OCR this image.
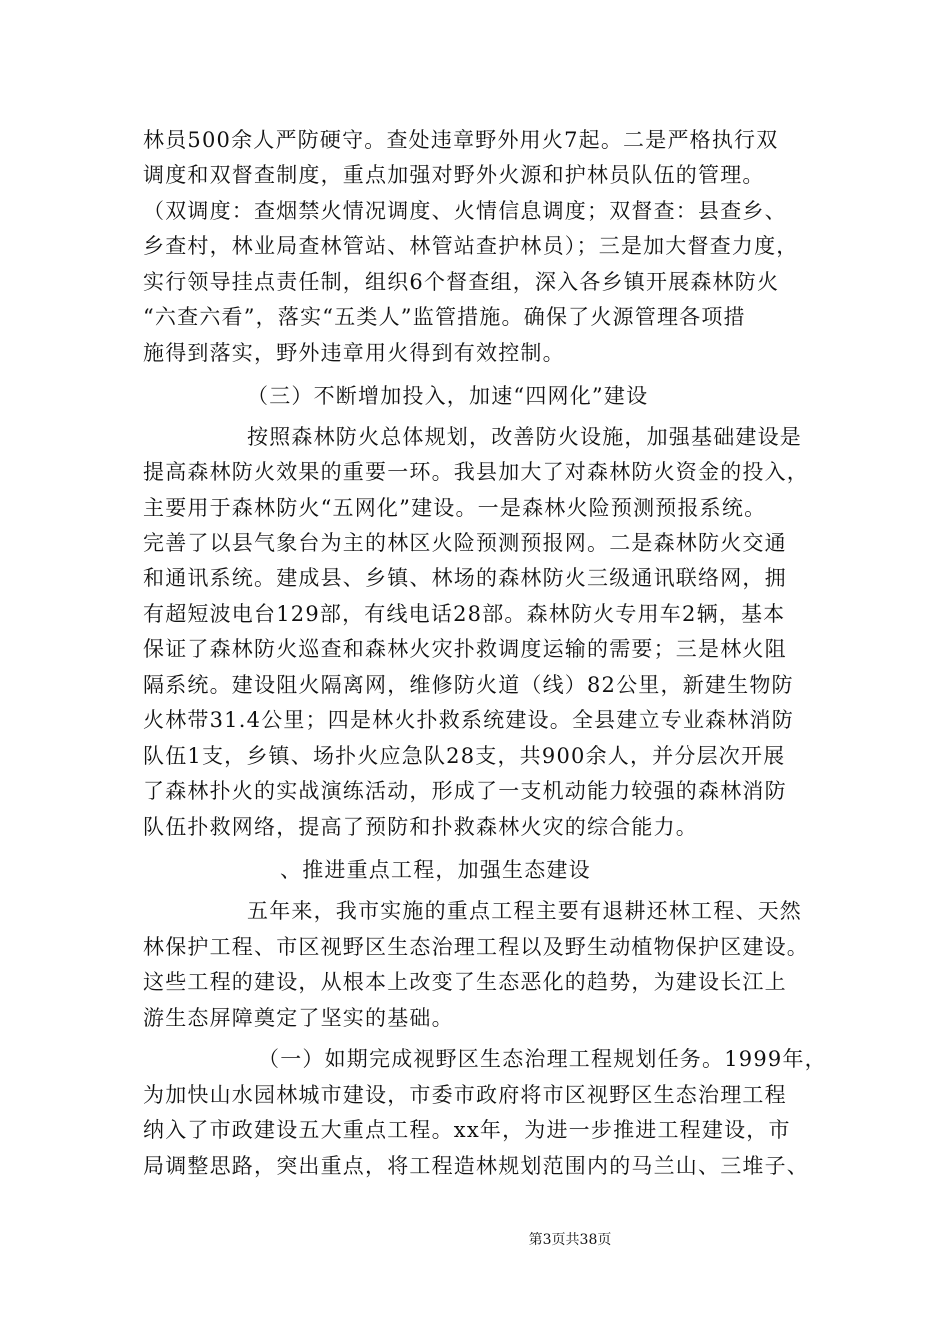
林员500余人严防硬守。查处违章野外用火7起。二是严格执行双
调度和双督查制度，重点加强对野外火源和护林员队伍的管理。
（双调度：查烟禁火情况调度、火情信息调度；双督查：县查乡、
乡查村，林业局查林管站、林管站查护林员）；三是加大督查力度，
实行领导挂点责任制，组织6个督查组，深入各乡镇开展森林防火
“六查六看”，落实“五类人”监管措施。确保了火源管理各项措
施得到落实，野外违章用火得到有效控制。
（三）不断增加投入，加速“四网化”建设
按照森林防火总体规划，改善防火设施，加强基础建设是
提高森林防火效果的重要一环。我县加大了对森林防火资金的投入，
主要用于森林防火“五网化”建设。一是森林火险预测预报系统。
完善了以县气象台为主的林区火险预测预报网。二是森林防火交通
和通讯系统。建成县、乡镇、林场的森林防火三级通讯联络网，拥
有超短波电台129部，有线电话28部。森林防火专用车2辆，基本
保证了森林防火巡查和森林火灾扑救调度运输的需要；三是林火阻
隔系统。建设阻火隔离网，维修防火道（线）82公里，新建生物防
火林带31.4公里；四是林火扑救系统建设。全县建立专业森林消防
队伍1支，乡镇、场扑火应急队28支，共900余人，并分层次开展
了森林扑火的实战演练活动，形成了一支机动能力较强的森林消防
队伍扑救网络，提高了预防和扑救森林火灾的综合能力。
、推进重点工程，加强生态建设
五年来，我市实施的重点工程主要有退耕还林工程、天然
林保护工程、市区视野区生态治理工程以及野生动植物保护区建设。
这些工程的建设，从根本上改变了生态恶化的趋势，为建设长江上
游生态屏障奠定了坚实的基础。
（一）如期完成视野区生态治理工程规划任务。1999年，
为加快山水园林城市建设，市委市政府将市区视野区生态治理工程
纳入了市政建设五大重点工程。xx年，为进一步推进工程建设，市
局调整思路，突出重点，将工程造林规划范围内的马兰山、三堆子、
第3页共38页
